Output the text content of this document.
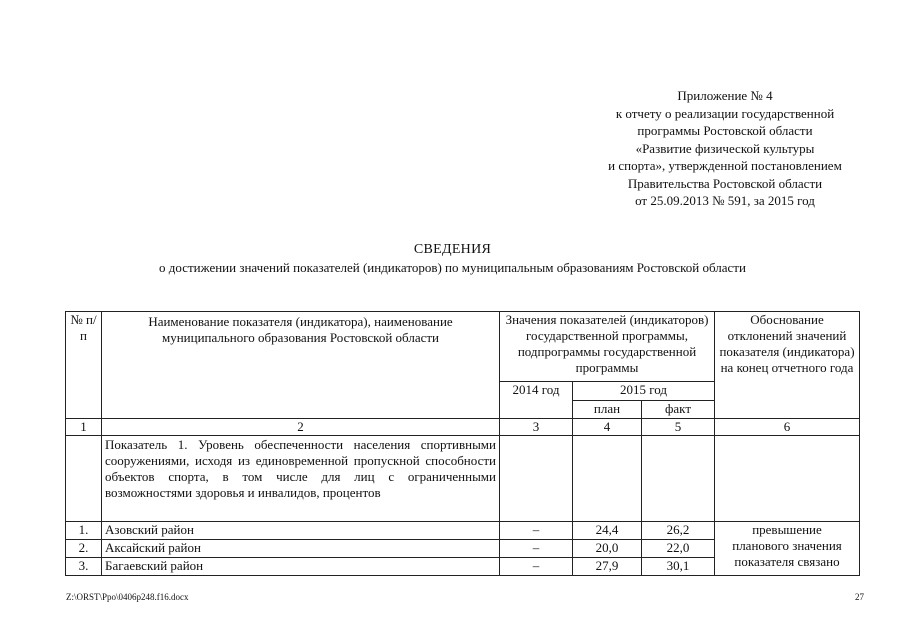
Приложение № 4
к отчету о реализации государственной
программы Ростовской области
«Развитие физической культуры
и спорта», утвержденной постановлением
Правительства Ростовской области
от 25.09.2013 № 591, за 2015 год
СВЕДЕНИЯ
о достижении значений показателей (индикаторов) по муниципальным образованиям Ростовской области
№ п/п	Наименование показателя (индикатора), наименование муниципального образования Ростовской области	Значения показателей (индикаторов) государственной программы, подпрограммы государственной программы			Обоснование отклонений значений показателя (индикатора) на конец отчетного года
		2014 год	2015 год		
			план	факт	
1	2	3	4	5	6
	Показатель 1. Уровень обеспеченности населения спортивными сооружениями, исходя из единовременной пропускной способности объектов спорта, в том числе для лиц с ограниченными возможностями здоровья и инвалидов, процентов				
1.	Азовский район	–	24,4	26,2	превышение
планового значения
показателя связано

2.	Аксайский район	–	20,0	22,0	
3.	Багаевский район	–	27,9	30,1	
Z:\ORST\Ppo\0406p248.f16.docx	27
